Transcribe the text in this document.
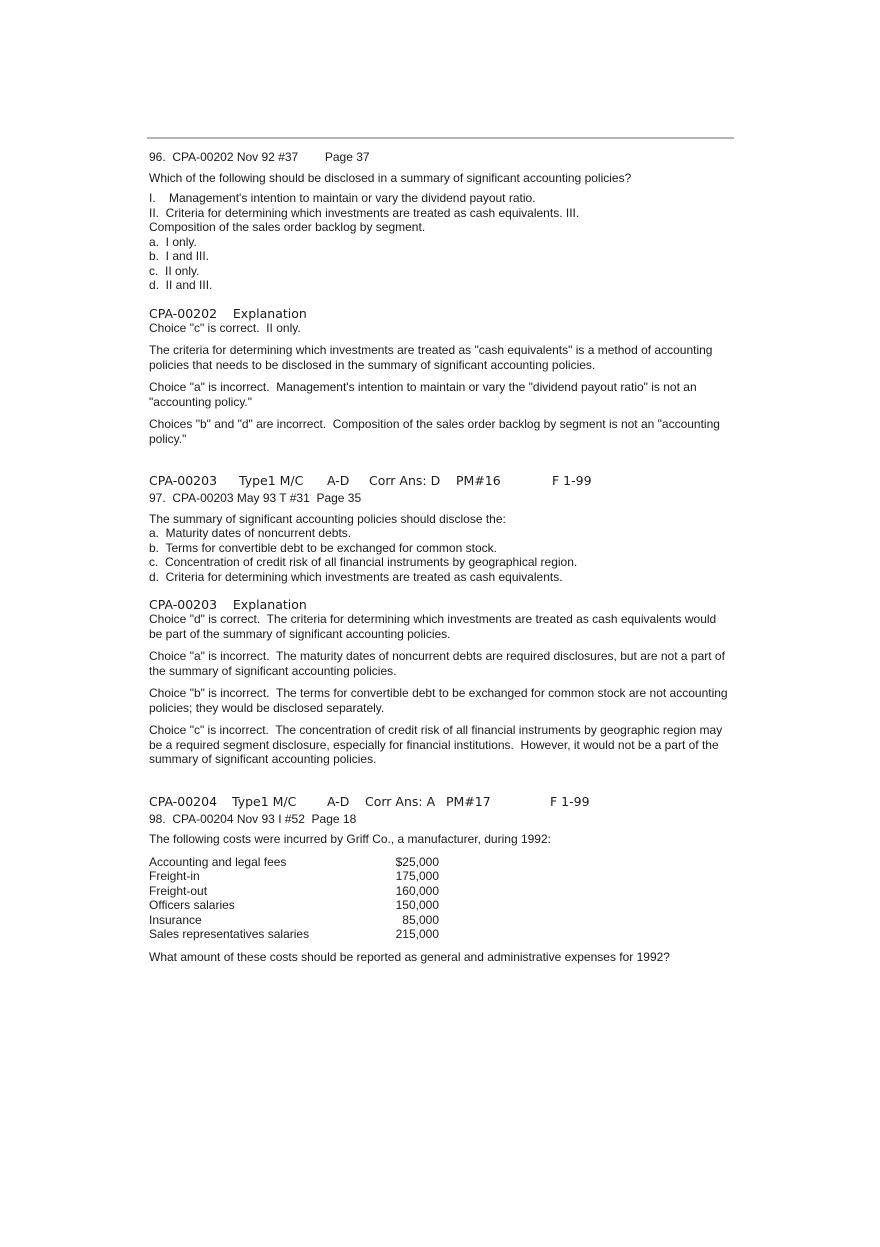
96.  CPA-00202 Nov 92 #37        Page 37

Which of the following should be disclosed in a summary of significant accounting policies?

I.    Management's intention to maintain or vary the dividend payout ratio.

II.  Criteria for determining which investments are treated as cash equivalents. III.

Composition of the sales order backlog by segment.

a.  I only.
b.  I and III.
c.  II only.
d.  II and III.

CPA-00202    Explanation

Choice "c" is correct.  II only.

The criteria for determining which investments are treated as "cash equivalents" is a method of accounting policies that needs to be disclosed in the summary of significant accounting policies.

Choice "a" is incorrect.  Management's intention to maintain or vary the "dividend payout ratio" is not an "accounting policy."

Choices "b" and "d" are incorrect.  Composition of the sales order backlog by segment is not an "accounting policy."

CPA-00203	Type1 M/C	A-D	Corr Ans: D	PM#16	F 1-99

97.  CPA-00203 May 93 T #31  Page 35

The summary of significant accounting policies should disclose the:

a.  Maturity dates of noncurrent debts.
b.  Terms for convertible debt to be exchanged for common stock.
c.  Concentration of credit risk of all financial instruments by geographical region.
d.  Criteria for determining which investments are treated as cash equivalents.

CPA-00203    Explanation

Choice "d" is correct.  The criteria for determining which investments are treated as cash equivalents would be part of the summary of significant accounting policies.

Choice "a" is incorrect.  The maturity dates of noncurrent debts are required disclosures, but are not a part of the summary of significant accounting policies.

Choice "b" is incorrect.  The terms for convertible debt to be exchanged for common stock are not accounting policies; they would be disclosed separately.

Choice "c" is incorrect.  The concentration of credit risk of all financial instruments by geographic region may be a required segment disclosure, especially for financial institutions.  However, it would not be a part of the summary of significant accounting policies.

CPA-00204	Type1 M/C	A-D	Corr Ans: A PM#17	F 1-99

98.  CPA-00204 Nov 93 I #52  Page 18

The following costs were incurred by Griff Co., a manufacturer, during 1992:

Accounting and legal fees	$25,000
Freight-in	175,000
Freight-out	160,000
Officers salaries	150,000
Insurance	85,000
Sales representatives salaries	215,000

What amount of these costs should be reported as general and administrative expenses for 1992?
